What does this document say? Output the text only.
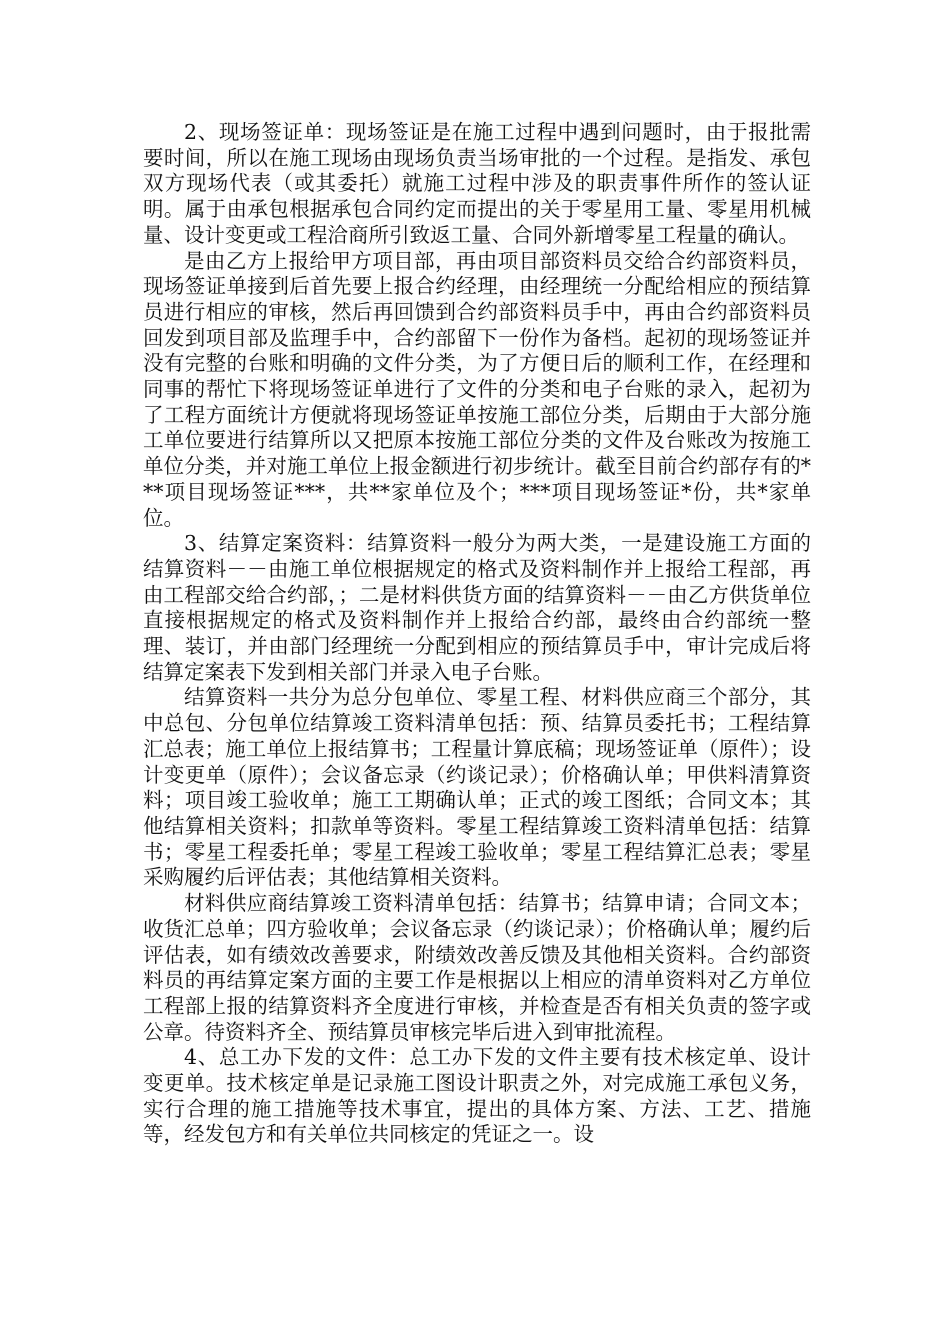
2、现场签证单：现场签证是在施工过程中遇到问题时，由于报批需要时间，所以在施工现场由现场负责当场审批的一个过程。是指发、承包双方现场代表（或其委托）就施工过程中涉及的职责事件所作的签认证明。属于由承包根据承包合同约定而提出的关于零星用工量、零星用机械量、设计变更或工程洽商所引致返工量、合同外新增零星工程量的确认。

是由乙方上报给甲方项目部，再由项目部资料员交给合约部资料员，现场签证单接到后首先要上报合约经理，由经理统一分配给相应的预结算员进行相应的审核，然后再回馈到合约部资料员手中，再由合约部资料员回发到项目部及监理手中，合约部留下一份作为备档。起初的现场签证并没有完整的台账和明确的文件分类，为了方便日后的顺利工作，在经理和同事的帮忙下将现场签证单进行了文件的分类和电子台账的录入，起初为了工程方面统计方便就将现场签证单按施工部位分类，后期由于大部分施工单位要进行结算所以又把原本按施工部位分类的文件及台账改为按施工单位分类，并对施工单位上报金额进行初步统计。截至目前合约部存有的***项目现场签证***，共**家单位及个；***项目现场签证*份，共*家单位。

3、结算定案资料：结算资料一般分为两大类，一是建设施工方面的结算资料－－由施工单位根据规定的格式及资料制作并上报给工程部，再由工程部交给合约部，；二是材料供货方面的结算资料－－由乙方供货单位直接根据规定的格式及资料制作并上报给合约部，最终由合约部统一整理、装订，并由部门经理统一分配到相应的预结算员手中，审计完成后将结算定案表下发到相关部门并录入电子台账。

结算资料一共分为总分包单位、零星工程、材料供应商三个部分，其中总包、分包单位结算竣工资料清单包括：预、结算员委托书；工程结算汇总表；施工单位上报结算书；工程量计算底稿；现场签证单（原件）；设计变更单（原件）；会议备忘录（约谈记录）；价格确认单；甲供料清算资料；项目竣工验收单；施工工期确认单；正式的竣工图纸；合同文本；其他结算相关资料；扣款单等资料。零星工程结算竣工资料清单包括：结算书；零星工程委托单；零星工程竣工验收单；零星工程结算汇总表；零星采购履约后评估表；其他结算相关资料。

材料供应商结算竣工资料清单包括：结算书；结算申请；合同文本；收货汇总单；四方验收单；会议备忘录（约谈记录）；价格确认单；履约后评估表，如有绩效改善要求，附绩效改善反馈及其他相关资料。合约部资料员的再结算定案方面的主要工作是根据以上相应的清单资料对乙方单位工程部上报的结算资料齐全度进行审核，并检查是否有相关负责的签字或公章。待资料齐全、预结算员审核完毕后进入到审批流程。

4、总工办下发的文件：总工办下发的文件主要有技术核定单、设计变更单。技术核定单是记录施工图设计职责之外，对完成施工承包义务，实行合理的施工措施等技术事宜，提出的具体方案、方法、工艺、措施等，经发包方和有关单位共同核定的凭证之一。设
